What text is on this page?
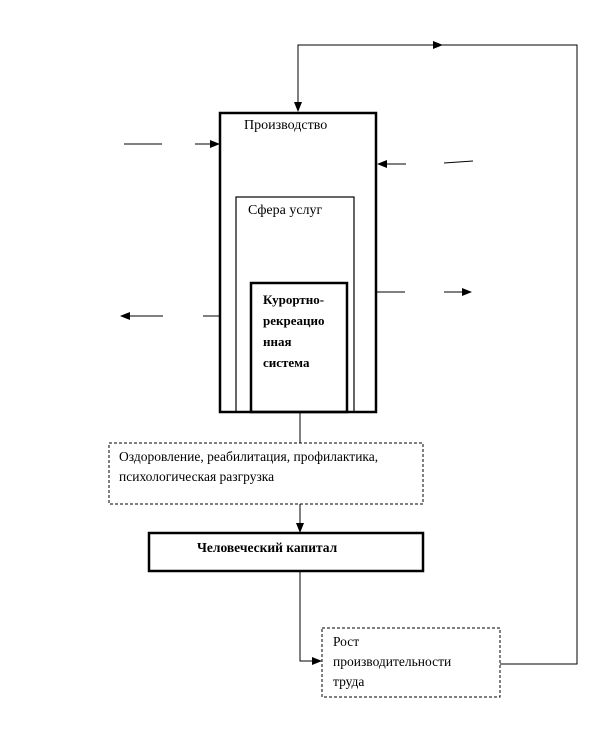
Производство
Сфера услуг
Курортно-
рекреацио
нная
система
Оздоровление, реабилитация, профилактика,
психологическая разгрузка
Человеческий капитал
Рост
производительности
труда
